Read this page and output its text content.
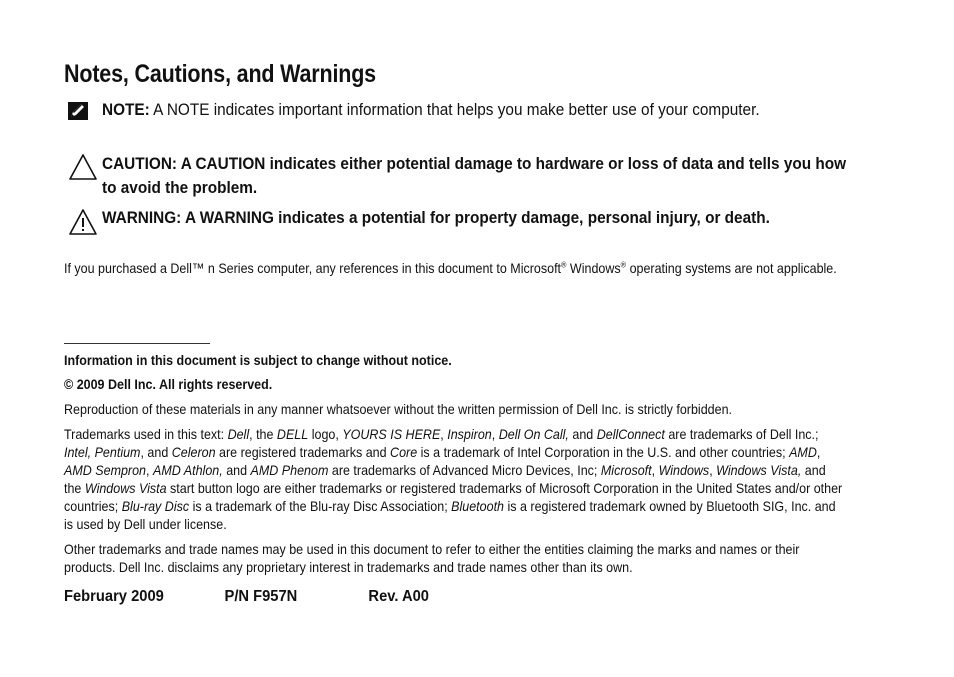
Notes, Cautions, and Warnings
NOTE: A NOTE indicates important information that helps you make better use of your computer.
CAUTION: A CAUTION indicates either potential damage to hardware or loss of data and tells you how to avoid the problem.
WARNING: A WARNING indicates a potential for property damage, personal injury, or death.
If you purchased a Dell™ n Series computer, any references in this document to Microsoft® Windows® operating systems are not applicable.
Information in this document is subject to change without notice.
© 2009 Dell Inc. All rights reserved.
Reproduction of these materials in any manner whatsoever without the written permission of Dell Inc. is strictly forbidden.
Trademarks used in this text: Dell, the DELL logo, YOURS IS HERE, Inspiron, Dell On Call, and DellConnect are trademarks of Dell Inc.; Intel, Pentium, and Celeron are registered trademarks and Core is a trademark of Intel Corporation in the U.S. and other countries; AMD, AMD Sempron, AMD Athlon, and AMD Phenom are trademarks of Advanced Micro Devices, Inc; Microsoft, Windows, Windows Vista, and the Windows Vista start button logo are either trademarks or registered trademarks of Microsoft Corporation in the United States and/or other countries; Blu-ray Disc is a trademark of the Blu-ray Disc Association; Bluetooth is a registered trademark owned by Bluetooth SIG, Inc. and is used by Dell under license.
Other trademarks and trade names may be used in this document to refer to either the entities claiming the marks and names or their products. Dell Inc. disclaims any proprietary interest in trademarks and trade names other than its own.
February 2009	P/N F957N	Rev. A00
